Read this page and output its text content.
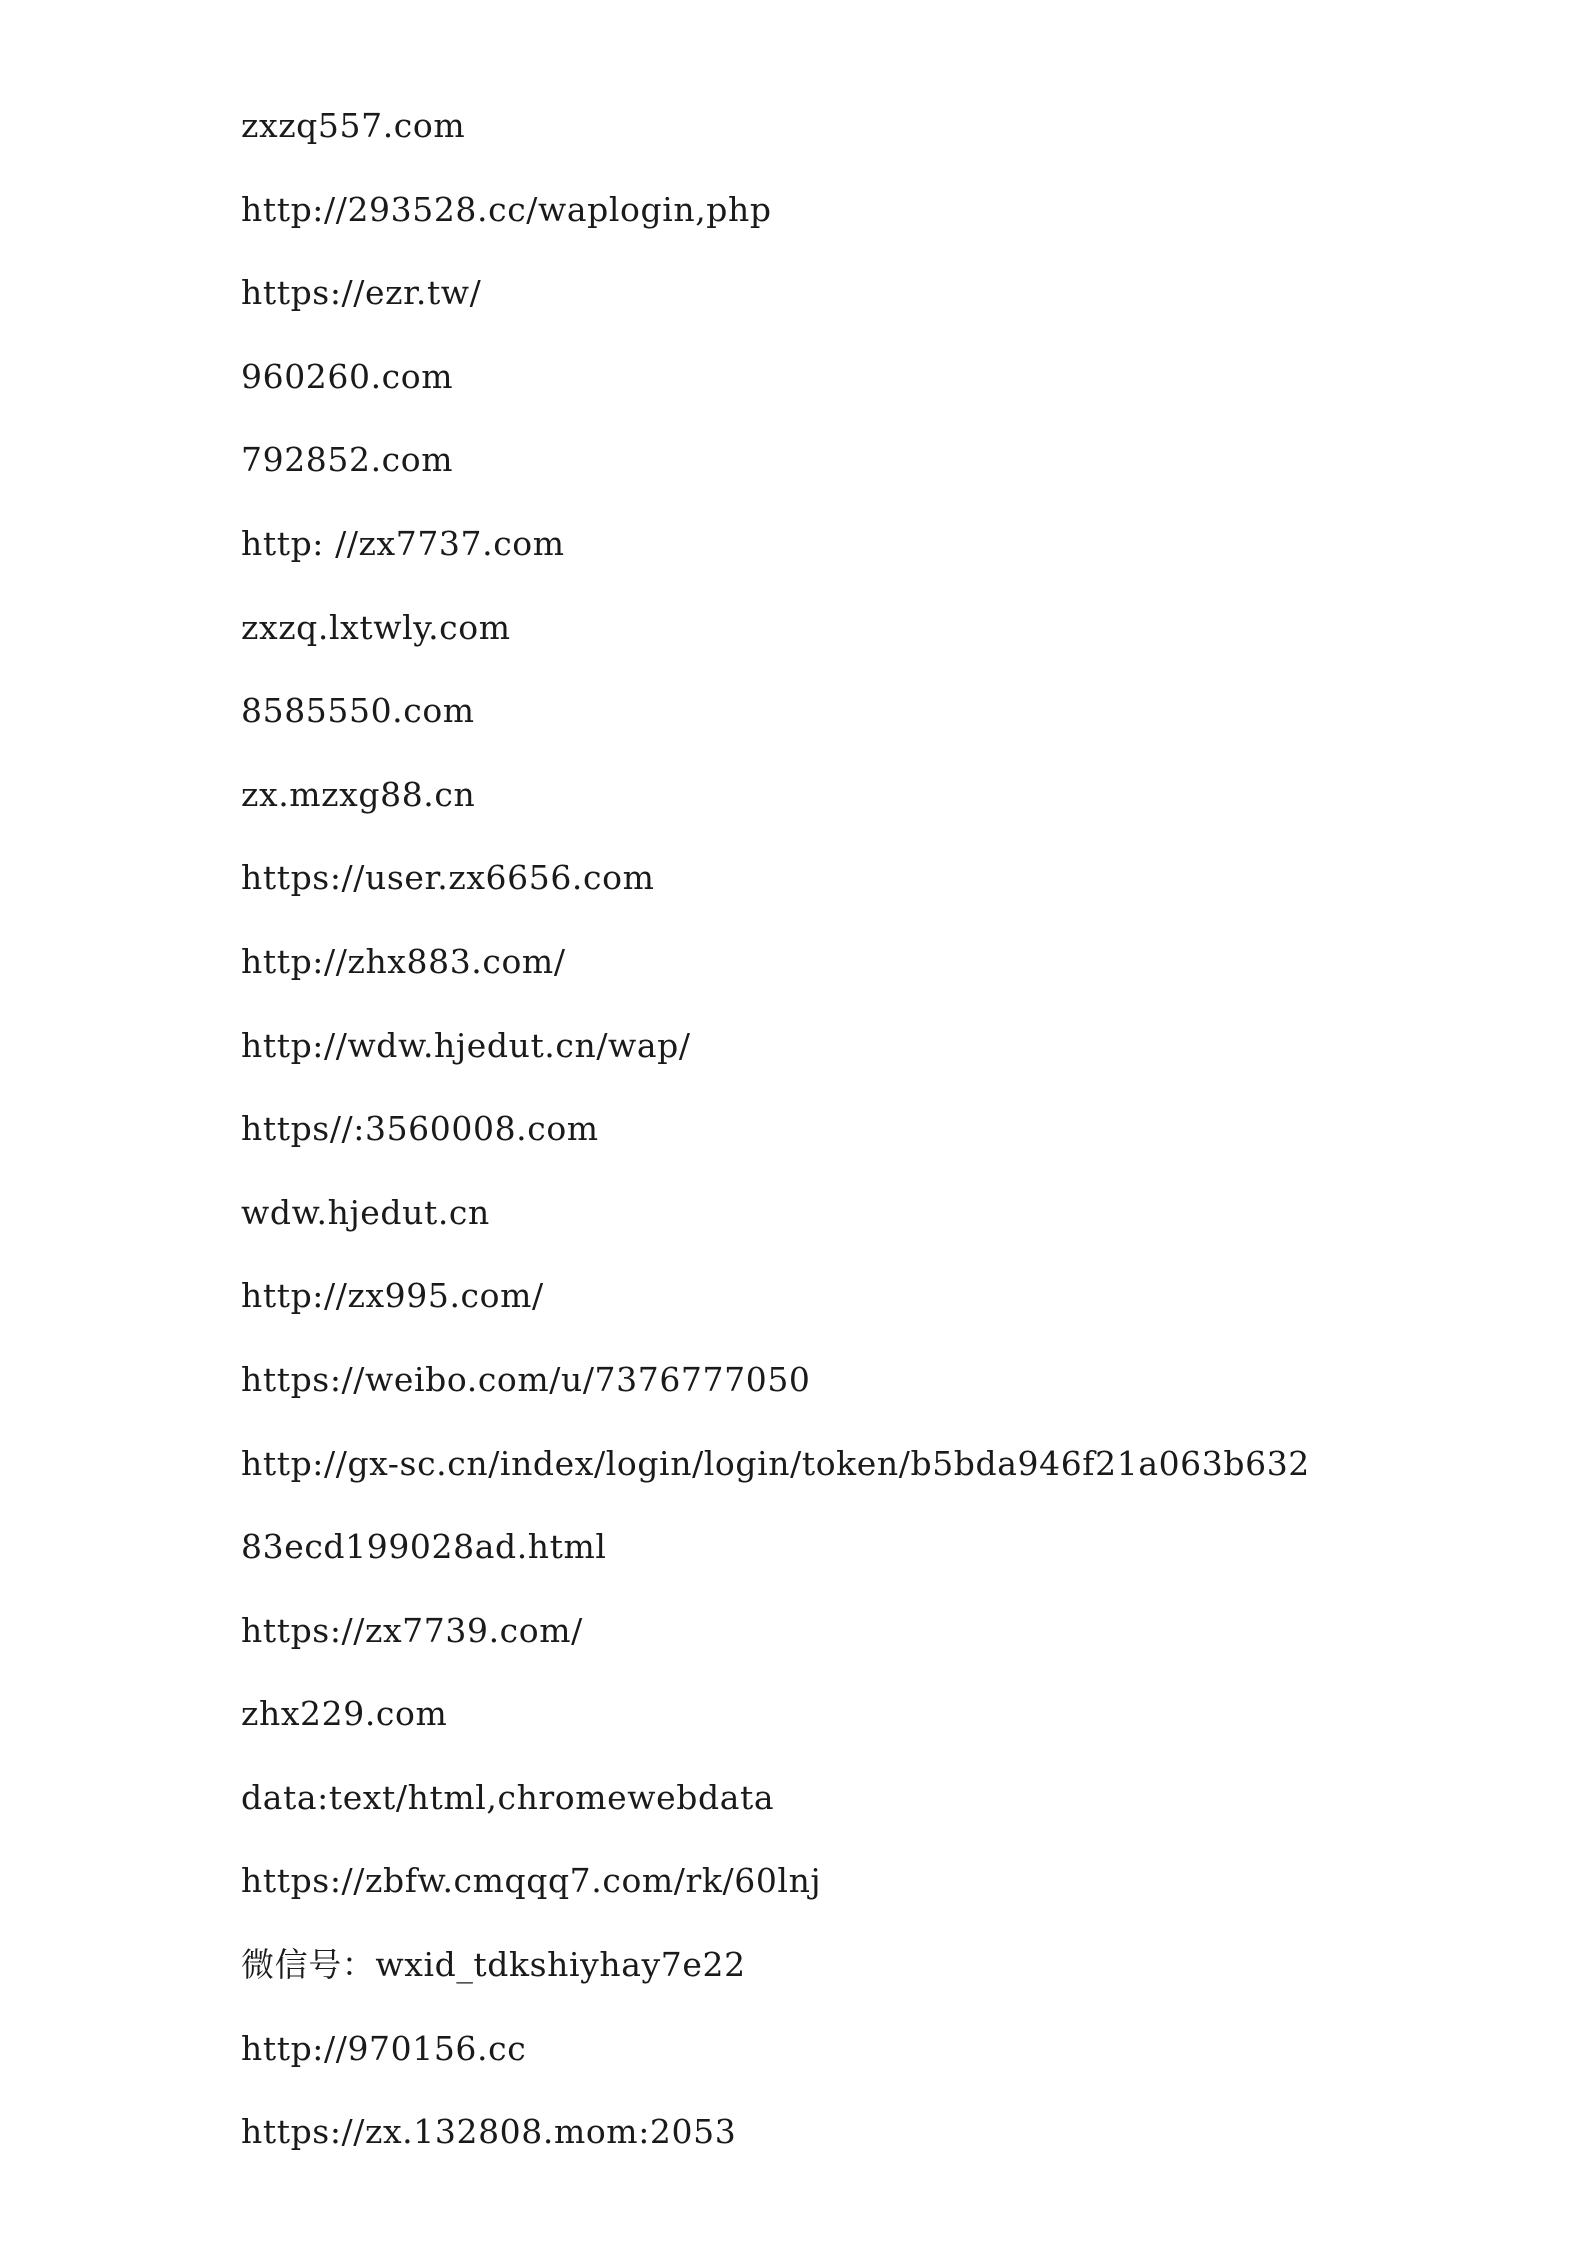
zxzq557.com
http://293528.cc/waplogin,php
https://ezr.tw/
960260.com
792852.com
http: //zx7737.com
zxzq.lxtwly.com
8585550.com
zx.mzxg88.cn
https://user.zx6656.com
http://zhx883.com/
http://wdw.hjedut.cn/wap/
https//:3560008.com
wdw.hjedut.cn
http://zx995.com/
https://weibo.com/u/7376777050
http://gx-sc.cn/index/login/login/token/b5bda946f21a063b632
83ecd199028ad.html
https://zx7739.com/
zhx229.com
data:text/html,chromewebdata
https://zbfw.cmqqq7.com/rk/60lnj
微信号：wxid_tdkshiyhay7e22
http://970156.cc
https://zx.132808.mom:2053
